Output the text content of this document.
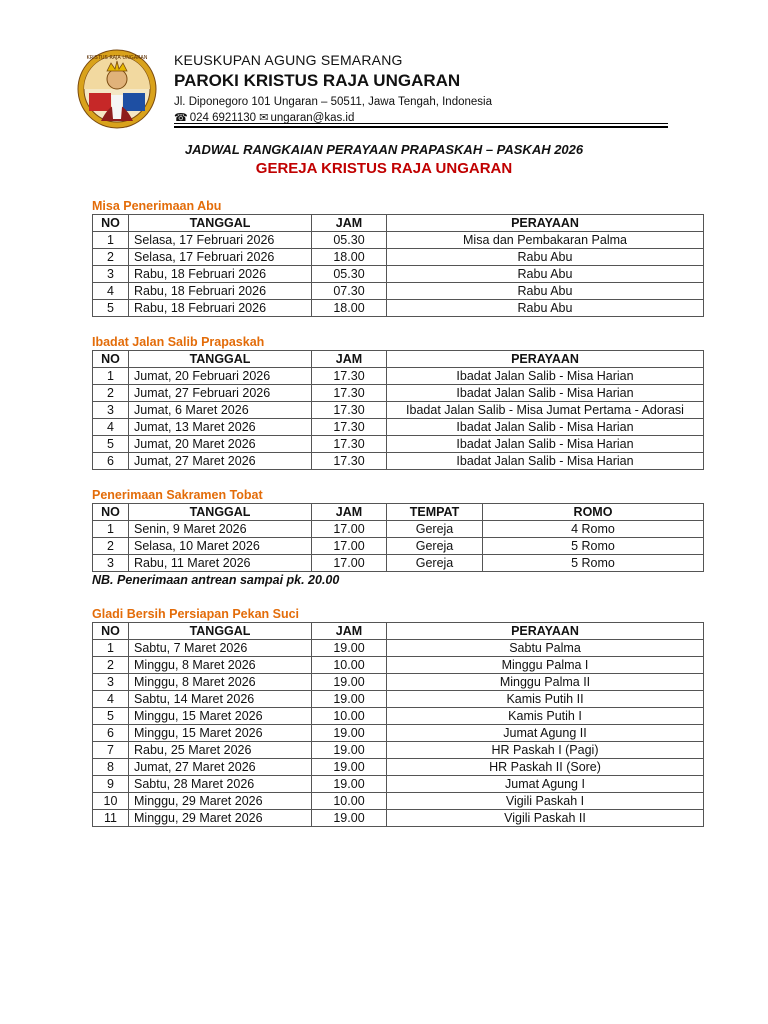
KRISTUS RAJA UNGARAN KEUSKUPAN AGUNG SEMARANG
PAROKI KRISTUS RAJA UNGARAN
Jl. Diponegoro 101 Ungaran – 50511, Jawa Tengah, Indonesia
☎ 024 6921130 ✉ ungaran@kas.id
JADWAL RANGKAIAN PERAYAAN PRAPASKAH – PASKAH 2026
GEREJA KRISTUS RAJA UNGARAN
Misa Penerimaan Abu
NO	TANGGAL	JAM	PERAYAAN
1	Selasa, 17 Februari 2026	05.30	Misa dan Pembakaran Palma
2	Selasa, 17 Februari 2026	18.00	Rabu Abu
3	Rabu, 18 Februari 2026	05.30	Rabu Abu
4	Rabu, 18 Februari 2026	07.30	Rabu Abu
5	Rabu, 18 Februari 2026	18.00	Rabu Abu
Ibadat Jalan Salib Prapaskah
NO	TANGGAL	JAM	PERAYAAN
1	Jumat, 20 Februari 2026	17.30	Ibadat Jalan Salib - Misa Harian
2	Jumat, 27 Februari 2026	17.30	Ibadat Jalan Salib - Misa Harian
3	Jumat, 6 Maret 2026	17.30	Ibadat Jalan Salib - Misa Jumat Pertama - Adorasi
4	Jumat, 13 Maret 2026	17.30	Ibadat Jalan Salib - Misa Harian
5	Jumat, 20 Maret 2026	17.30	Ibadat Jalan Salib - Misa Harian
6	Jumat, 27 Maret 2026	17.30	Ibadat Jalan Salib - Misa Harian
Penerimaan Sakramen Tobat
NO	TANGGAL	JAM	TEMPAT	ROMO
1	Senin, 9 Maret 2026	17.00	Gereja	4 Romo
2	Selasa, 10 Maret 2026	17.00	Gereja	5 Romo
3	Rabu, 11 Maret 2026	17.00	Gereja	5 Romo
NB. Penerimaan antrean sampai pk. 20.00
Gladi Bersih Persiapan Pekan Suci
NO	TANGGAL	JAM	PERAYAAN
1	Sabtu, 7 Maret 2026	19.00	Sabtu Palma
2	Minggu, 8 Maret 2026	10.00	Minggu Palma I
3	Minggu, 8 Maret 2026	19.00	Minggu Palma II
4	Sabtu, 14 Maret 2026	19.00	Kamis Putih II
5	Minggu, 15 Maret 2026	10.00	Kamis Putih I
6	Minggu, 15 Maret 2026	19.00	Jumat Agung II
7	Rabu, 25 Maret 2026	19.00	HR Paskah I (Pagi)
8	Jumat, 27 Maret 2026	19.00	HR Paskah II (Sore)
9	Sabtu, 28 Maret 2026	19.00	Jumat Agung I
10	Minggu, 29 Maret 2026	10.00	Vigili Paskah I
11	Minggu, 29 Maret 2026	19.00	Vigili Paskah II
